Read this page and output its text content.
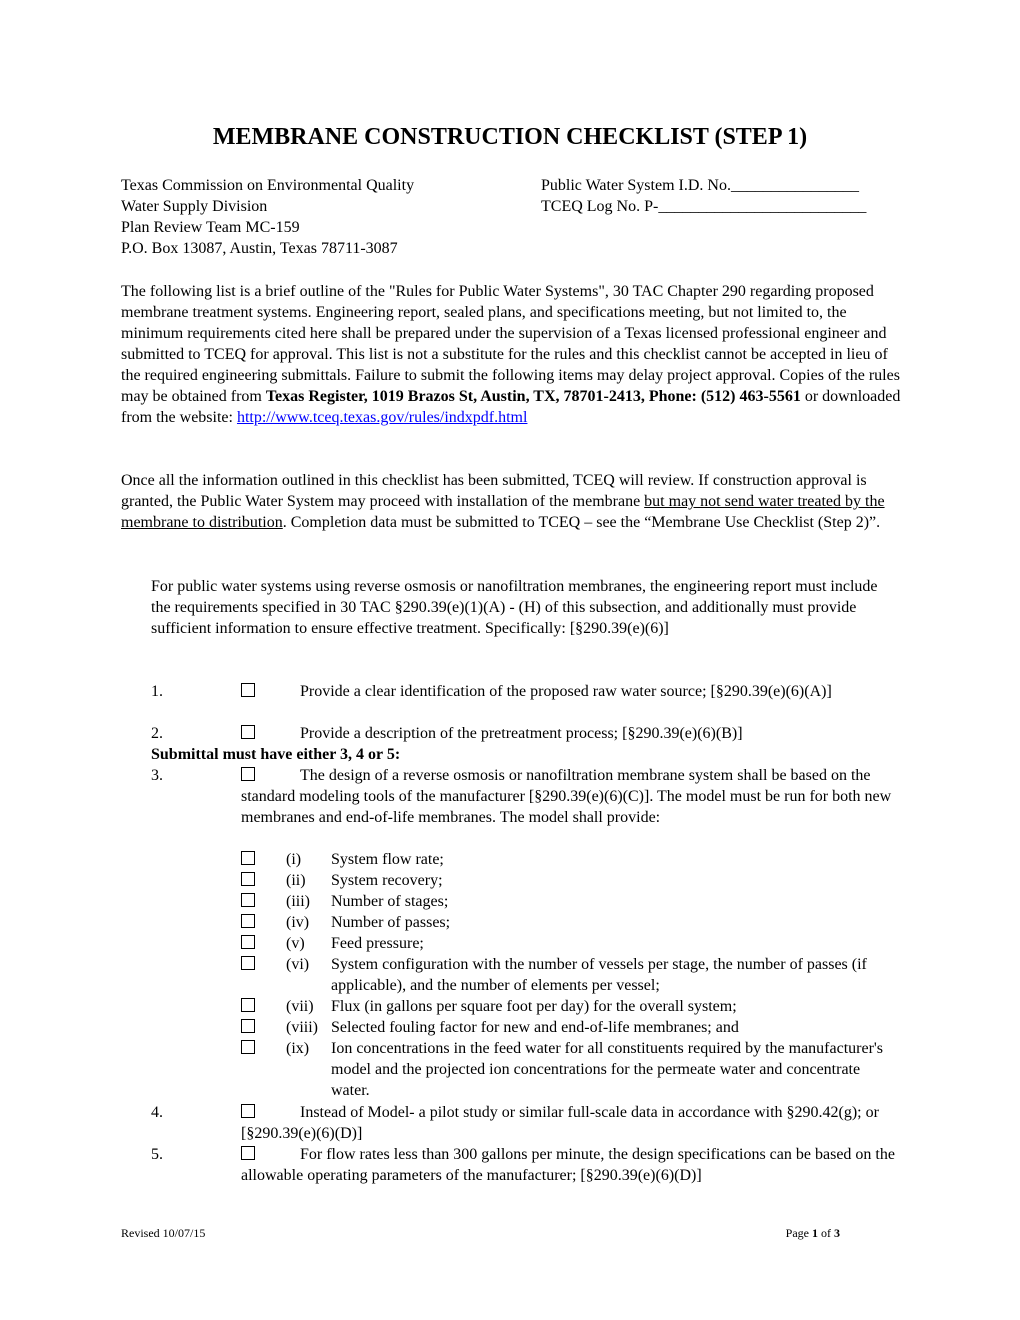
MEMBRANE CONSTRUCTION CHECKLIST (STEP 1)
Texas Commission on Environmental Quality
Water Supply Division
Plan Review Team MC-159
P.O. Box 13087, Austin, Texas 78711-3087
Public Water System I.D. No.________________
TCEQ Log No. P-__________________________

The following list is a brief outline of the "Rules for Public Water Systems", 30 TAC Chapter 290 regarding proposed membrane treatment systems. Engineering report, sealed plans, and specifications meeting, but not limited to, the minimum requirements cited here shall be prepared under the supervision of a Texas licensed professional engineer and submitted to TCEQ for approval. This list is not a substitute for the rules and this checklist cannot be accepted in lieu of the required engineering submittals. Failure to submit the following items may delay project approval. Copies of the rules may be obtained from Texas Register, 1019 Brazos St, Austin, TX, 78701-2413, Phone: (512) 463-5561 or downloaded from the website: http://www.tceq.texas.gov/rules/indxpdf.html

Once all the information outlined in this checklist has been submitted, TCEQ will review. If construction approval is granted, the Public Water System may proceed with installation of the membrane but may not send water treated by the membrane to distribution. Completion data must be submitted to TCEQ – see the “Membrane Use Checklist (Step 2)”.

For public water systems using reverse osmosis or nanofiltration membranes, the engineering report must include the requirements specified in 30 TAC §290.39(e)(1)(A) - (H) of this subsection, and additionally must provide sufficient information to ensure effective treatment. Specifically: [§290.39(e)(6)]

1.	Provide a clear identification of the proposed raw water source; [§290.39(e)(6)(A)]
2.	Provide a description of the pretreatment process; [§290.39(e)(6)(B)]
Submittal must have either 3, 4 or 5:
3.	The design of a reverse osmosis or nanofiltration membrane system shall be based on the standard modeling tools of the manufacturer [§290.39(e)(6)(C)]. The model must be run for both new membranes and end-of-life membranes. The model shall provide:
(i)	System flow rate;
(ii)	System recovery;
(iii)	Number of stages;
(iv)	Number of passes;
(v)	Feed pressure;
(vi)	System configuration with the number of vessels per stage, the number of passes (if applicable), and the number of elements per vessel;
(vii)	Flux (in gallons per square foot per day) for the overall system;
(viii) Selected fouling factor for new and end-of-life membranes; and
(ix)	Ion concentrations in the feed water for all constituents required by the manufacturer's model and the projected ion concentrations for the permeate water and concentrate water.
4.	Instead of Model- a pilot study or similar full-scale data in accordance with §290.42(g); or [§290.39(e)(6)(D)]
5.	For flow rates less than 300 gallons per minute, the design specifications can be based on the allowable operating parameters of the manufacturer; [§290.39(e)(6)(D)]
Revised 10/07/15	Page 1 of 3
